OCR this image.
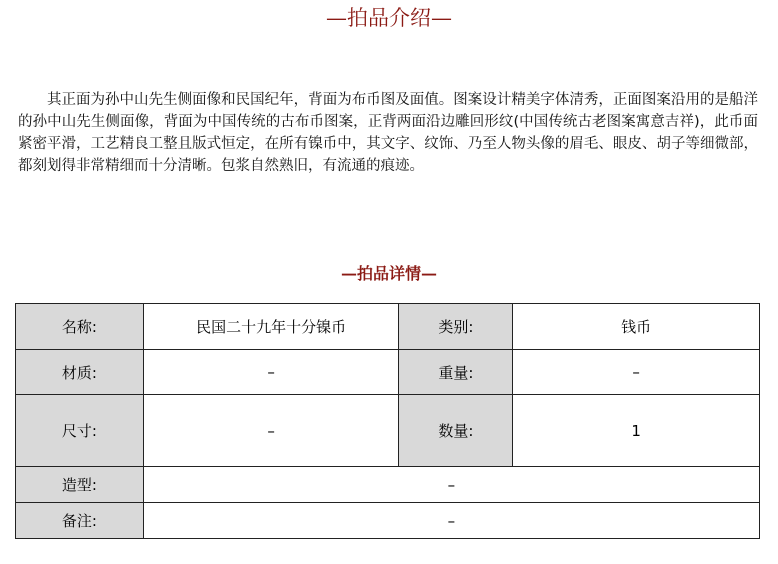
—拍品介绍—

其正面为孙中山先生侧面像和民国纪年，背面为布币图及面值。图案设计精美字体清秀，正面图案沿用的是船洋的孙中山先生侧面像，背面为中国传统的古布币图案，正背两面沿边雕回形纹(中国传统古老图案寓意吉祥)，此币面紧密平滑，工艺精良工整且版式恒定，在所有镍币中，其文字、纹饰、乃至人物头像的眉毛、眼皮、胡子等细微部，都刻划得非常精细而十分清晰。包浆自然熟旧，有流通的痕迹。

—拍品详情—
名称:	民国二十九年十分镍币	类别:	钱币
材质:	–	重量:	–
尺寸:	–	数量:	1
造型:	–		
备注:	–		
